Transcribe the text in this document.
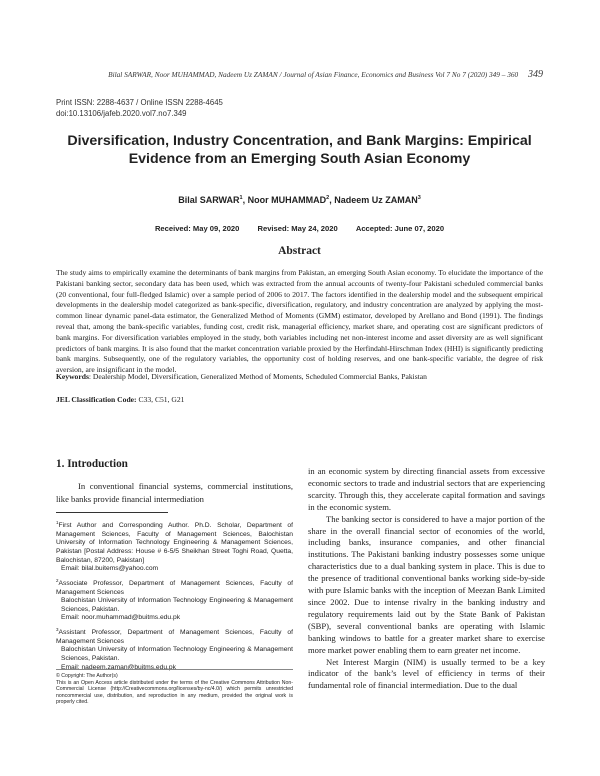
Bilal SARWAR, Noor MUHAMMAD, Nadeem Uz ZAMAN / Journal of Asian Finance, Economics and Business Vol 7 No 7 (2020) 349 – 360 349
Print ISSN: 2288-4637 / Online ISSN 2288-4645
doi:10.13106/jafeb.2020.vol7.no7.349
Diversification, Industry Concentration, and Bank Margins: Empirical
Evidence from an Emerging South Asian Economy
Bilal SARWAR$^1$, Noor MUHAMMAD$^2$, Nadeem Uz ZAMAN$^3$
Received: May 09, 2020 Revised: May 24, 2020 Accepted: June 07, 2020
Abstract
The study aims to empirically examine the determinants of bank margins from Pakistan, an emerging South Asian economy. To elucidate the importance of the Pakistani banking sector, secondary data has been used, which was extracted from the annual accounts of twenty-four Pakistani scheduled commercial banks (20 conventional, four full-fledged Islamic) over a sample period of 2006 to 2017. The factors identified in the dealership model and the subsequent empirical developments in the dealership model categorized as bank-specific, diversification, regulatory, and industry concentration are analyzed by applying the most-common linear dynamic panel-data estimator, the Generalized Method of Moments (GMM) estimator, developed by Arellano and Bond (1991). The findings reveal that, among the bank-specific variables, funding cost, credit risk, managerial efficiency, market share, and operating cost are significant predictors of bank margins. For diversification variables employed in the study, both variables including net non-interest income and asset diversity are as well significant predictors of bank margins. It is also found that the market concentration variable proxied by the Herfindahl-Hirschman Index (HHI) is significantly predicting bank margins. Subsequently, one of the regulatory variables, the opportunity cost of holding reserves, and one bank-specific variable, the degree of risk aversion, are insignificant in the model.
Keywords: Dealership Model, Diversification, Generalized Method of Moments, Scheduled Commercial Banks, Pakistan
JEL Classification Code: C33, C51, G21
1. Introduction
In conventional financial systems, commercial institutions, like banks provide financial intermediation
$^1$First Author and Corresponding Author. Ph.D. Scholar, Department of Management Sciences, Faculty of Management Sciences, Balochistan University of Information Technology Engineering & Management Sciences, Pakistan [Postal Address: House # 6-5/5 Sheikhan Street Toghi Road, Quetta, Balochistan, 87200, Pakistan]
Email: bilal.buitems@yahoo.com
$^2$Associate Professor, Department of Management Sciences, Faculty of Management Sciences
Balochistan University of Information Technology Engineering & Management Sciences, Pakistan.
Email: noor.muhammad@buitms.edu.pk
$^3$Assistant Professor, Department of Management Sciences, Faculty of Management Sciences
Balochistan University of Information Technology Engineering & Management Sciences, Pakistan.
Email: nadeem.zaman@buitms.edu.pk
© Copyright: The Author(s)
This is an Open Access article distributed under the terms of the Creative Commons Attribution Non-Commercial License (http://Creativecommons.org/licenses/by-nc/4.0/) which permits unrestricted noncommercial use, distribution, and reproduction in any medium, provided the original work is properly cited.

in an economic system by directing financial assets from excessive economic sectors to trade and industrial sectors that are experiencing scarcity. Through this, they accelerate capital formation and savings in the economic system.

The banking sector is considered to have a major portion of the share in the overall financial sector of economies of the world, including banks, insurance companies, and other financial institutions. The Pakistani banking industry possesses some unique characteristics due to a dual banking system in place. This is due to the presence of traditional conventional banks working side-by-side with pure Islamic banks with the inception of Meezan Bank Limited since 2002. Due to intense rivalry in the banking industry and regulatory requirements laid out by the State Bank of Pakistan (SBP), several conventional banks are operating with Islamic banking windows to battle for a greater market share to exercise more market power enabling them to earn greater net income.

Net Interest Margin (NIM) is usually termed to be a key indicator of the bank’s level of efficiency in terms of their fundamental role of financial intermediation. Due to the dual
